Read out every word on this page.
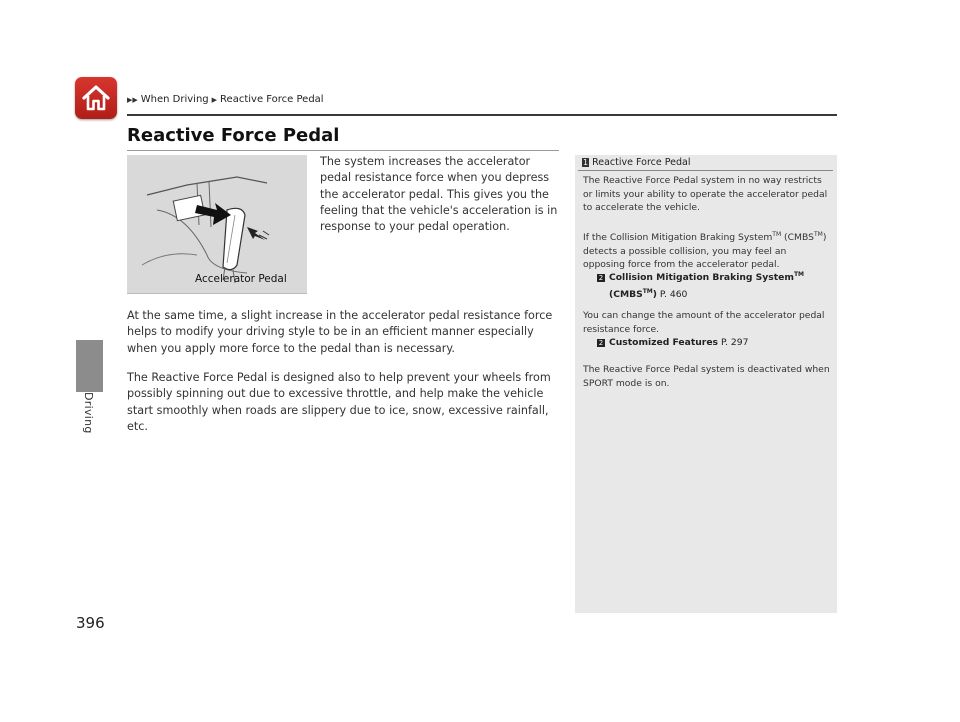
▶▶ When Driving ▶ Reactive Force Pedal
Driving
396
Reactive Force Pedal
Accelerator Pedal

The system increases the accelerator pedal resistance force when you depress the accelerator pedal. This gives you the feeling that the vehicle's acceleration is in response to your pedal operation.

At the same time, a slight increase in the accelerator pedal resistance force helps to modify your driving style to be in an efficient manner especially when you apply more force to the pedal than is necessary.

The Reactive Force Pedal is designed also to help prevent your wheels from possibly spinning out due to excessive throttle, and help make the vehicle start smoothly when roads are slippery due to ice, snow, excessive rainfall, etc.

1 Reactive Force Pedal

The Reactive Force Pedal system in no way restricts or limits your ability to operate the accelerator pedal to accelerate the vehicle.

If the Collision Mitigation Braking System™ (CMBS™) detects a possible collision, you may feel an opposing force from the accelerator pedal.

2 Collision Mitigation Braking System™
(CMBS™) P. 460

You can change the amount of the accelerator pedal resistance force.

2 Customized Features P. 297

The Reactive Force Pedal system is deactivated when SPORT mode is on.
